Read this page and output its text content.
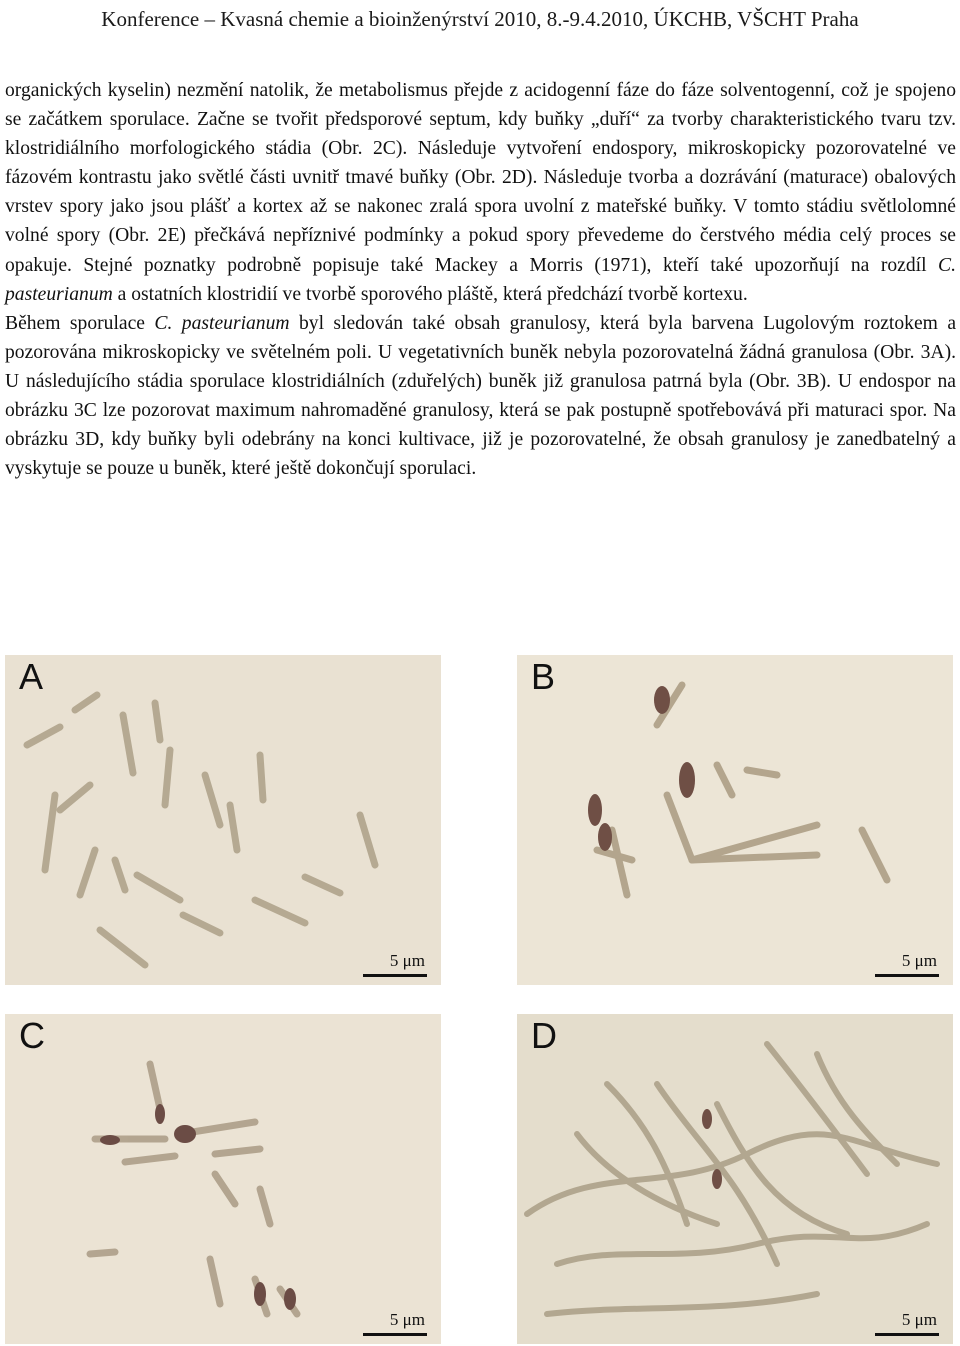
Konference – Kvasná chemie a bioinženýrství 2010, 8.-9.4.2010, ÚKCHB, VŠCHT Praha

organických kyselin) nezmění natolik, že metabolismus přejde z acidogenní fáze do fáze solventogenní, což je spojeno se začátkem sporulace. Začne se tvořit předsporové septum, kdy buňky „duří“ za tvorby charakteristického tvaru tzv. klostridiálního morfologického stádia (Obr. 2C). Následuje vytvoření endospory, mikroskopicky pozorovatelné ve fázovém kontrastu jako světlé části uvnitř tmavé buňky (Obr. 2D). Následuje tvorba a dozrávání (maturace) obalových vrstev spory jako jsou plášť a kortex až se nakonec zralá spora uvolní z mateřské buňky. V tomto stádiu světlolomné volné spory (Obr. 2E) přečkává nepříznivé podmínky a pokud spory převedeme do čerstvého média celý proces se opakuje. Stejné poznatky podrobně popisuje také Mackey a Morris (1971), kteří také upozorňují na rozdíl C. pasteurianum a ostatních klostridií ve tvorbě sporového pláště, která předchází tvorbě kortexu.

Během sporulace C. pasteurianum byl sledován také obsah granulosy, která byla barvena Lugolovým roztokem a pozorována mikroskopicky ve světelném poli. U vegetativních buněk nebyla pozorovatelná žádná granulosa (Obr. 3A). U následujícího stádia sporulace klostridiálních (zduřelých) buněk již granulosa patrná byla (Obr. 3B). U endospor na obrázku 3C lze pozorovat maximum nahromaděné granulosy, která se pak postupně spotřebovává při maturaci spor. Na obrázku 3D, kdy buňky byli odebrány na konci kultivace, již je pozorovatelné, že obsah granulosy je zanedbatelný a vyskytuje se pouze u buněk, které ještě dokončují sporulaci.

A
5 μm
B
5 μm
C
5 μm
D
5 μm
